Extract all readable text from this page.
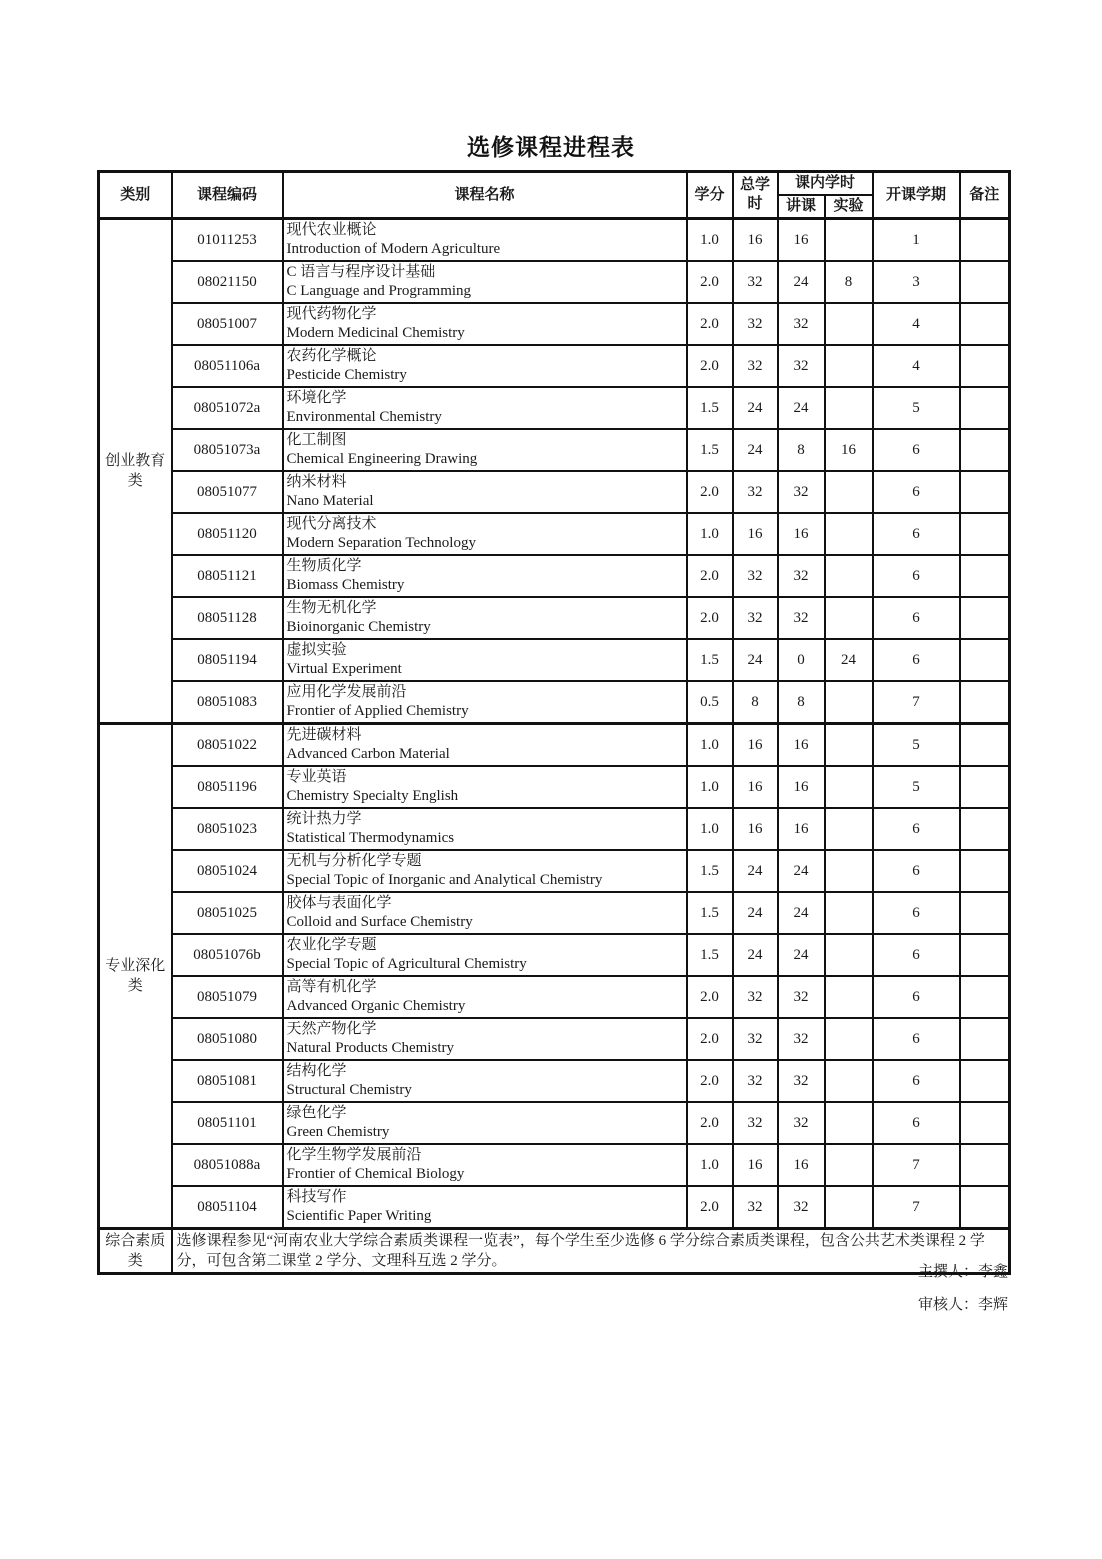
选修课程进程表
类别	课程编码	课程名称	学分	总学时	课内学时		开课学期	备注
					讲课	实验		
创业教育类	01011253	现代农业概论
Introduction of Modern Agriculture	1.0	16	16		1	
	08021150	C 语言与程序设计基础
C Language and Programming	2.0	32	24	8	3	
	08051007	现代药物化学
Modern Medicinal Chemistry	2.0	32	32		4	
	08051106a	农药化学概论
Pesticide Chemistry	2.0	32	32		4	
	08051072a	环境化学
Environmental Chemistry	1.5	24	24		5	
	08051073a	化工制图
Chemical Engineering Drawing	1.5	24	8	16	6	
	08051077	纳米材料
Nano Material	2.0	32	32		6	
	08051120	现代分离技术
Modern Separation Technology	1.0	16	16		6	
	08051121	生物质化学
Biomass Chemistry	2.0	32	32		6	
	08051128	生物无机化学
Bioinorganic Chemistry	2.0	32	32		6	
	08051194	虚拟实验
Virtual Experiment	1.5	24	0	24	6	
	08051083	应用化学发展前沿
Frontier of Applied Chemistry	0.5	8	8		7	
专业深化类	08051022	先进碳材料
Advanced Carbon Material	1.0	16	16		5	
	08051196	专业英语
Chemistry Specialty English	1.0	16	16		5	
	08051023	统计热力学
Statistical Thermodynamics	1.0	16	16		6	
	08051024	无机与分析化学专题
Special Topic of Inorganic and Analytical Chemistry	1.5	24	24		6	
	08051025	胶体与表面化学
Colloid and Surface Chemistry	1.5	24	24		6	
	08051076b	农业化学专题
Special Topic of Agricultural Chemistry	1.5	24	24		6	
	08051079	高等有机化学
Advanced Organic Chemistry	2.0	32	32		6	
	08051080	天然产物化学
Natural Products Chemistry	2.0	32	32		6	
	08051081	结构化学
Structural Chemistry	2.0	32	32		6	
	08051101	绿色化学
Green Chemistry	2.0	32	32		6	
	08051088a	化学生物学发展前沿
Frontier of Chemical Biology	1.0	16	16		7	
	08051104	科技写作
Scientific Paper Writing	2.0	32	32		7	
综合素质类	选修课程参见“河南农业大学综合素质类课程一览表”，每个学生至少选修 6 学分综合素质类课程，包含公共艺术类课程 2 学 分，可包含第二课堂 2 学分、文理科互选 2 学分。							
主撰人：李鑫
审核人：李辉
